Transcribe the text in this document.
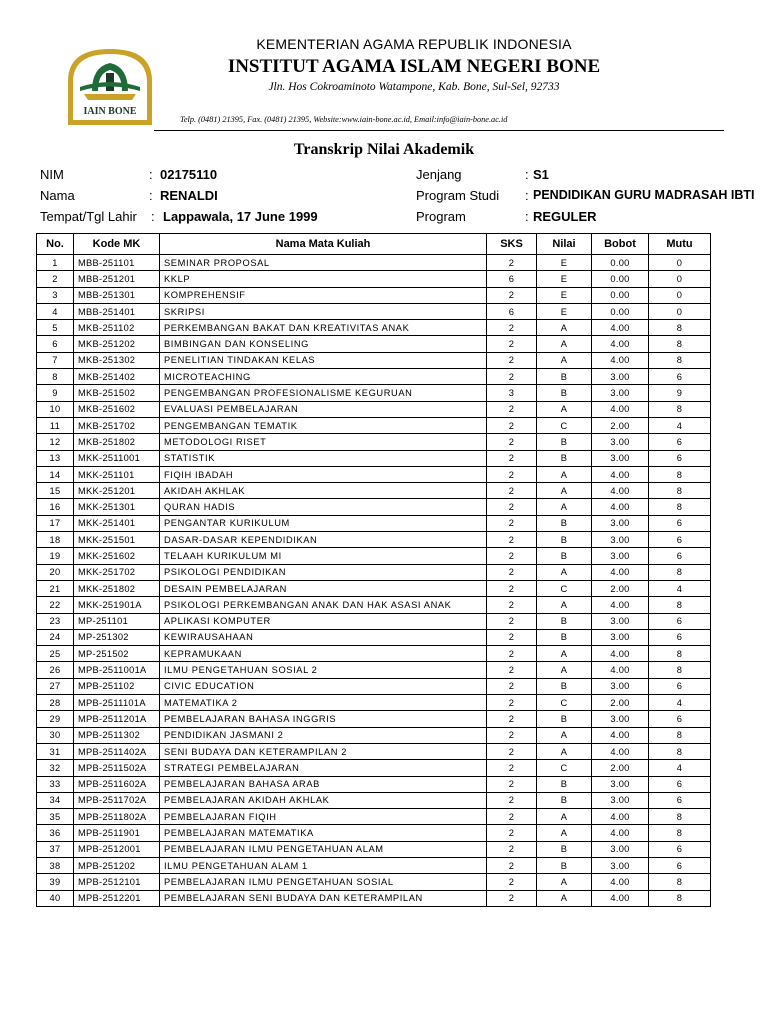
IAIN BONE
KEMENTERIAN AGAMA REPUBLIK INDONESIA
INSTITUT AGAMA ISLAM NEGERI BONE
Jln. Hos Cokroaminoto Watampone, Kab. Bone, Sul-Sel, 92733
Telp. (0481) 21395, Fax. (0481) 21395, Website:www.iain-bone.ac.id, Email:info@iain-bone.ac.id
Transkrip Nilai Akademik
NIM	: 02175110
Nama	: RENALDI
Tempat/Tgl Lahir : Lappawala, 17 June 1999
Jenjang	: S1
Program Studi : PENDIDIKAN GURU MADRASAH IBTI
Program	: REGULER
No.	Kode MK	Nama Mata Kuliah	SKS	Nilai	Bobot	Mutu
1	MBB-251101	SEMINAR PROPOSAL	2	E	0.00	0
2	MBB-251201	KKLP	6	E	0.00	0
3	MBB-251301	KOMPREHENSIF	2	E	0.00	0
4	MBB-251401	SKRIPSI	6	E	0.00	0
5	MKB-251102	PERKEMBANGAN BAKAT DAN KREATIVITAS ANAK	2	A	4.00	8
6	MKB-251202	BIMBINGAN DAN KONSELING	2	A	4.00	8
7	MKB-251302	PENELITIAN TINDAKAN KELAS	2	A	4.00	8
8	MKB-251402	MICROTEACHING	2	B	3.00	6
9	MKB-251502	PENGEMBANGAN PROFESIONALISME KEGURUAN	3	B	3.00	9
10	MKB-251602	EVALUASI PEMBELAJARAN	2	A	4.00	8
11	MKB-251702	PENGEMBANGAN TEMATIK	2	C	2.00	4
12	MKB-251802	METODOLOGI RISET	2	B	3.00	6
13	MKK-2511001	STATISTIK	2	B	3.00	6
14	MKK-251101	FIQIH IBADAH	2	A	4.00	8
15	MKK-251201	AKIDAH AKHLAK	2	A	4.00	8
16	MKK-251301	QURAN HADIS	2	A	4.00	8
17	MKK-251401	PENGANTAR KURIKULUM	2	B	3.00	6
18	MKK-251501	DASAR-DASAR KEPENDIDIKAN	2	B	3.00	6
19	MKK-251602	TELAAH KURIKULUM MI	2	B	3.00	6
20	MKK-251702	PSIKOLOGI PENDIDIKAN	2	A	4.00	8
21	MKK-251802	DESAIN PEMBELAJARAN	2	C	2.00	4
22	MKK-251901A	PSIKOLOGI PERKEMBANGAN ANAK DAN HAK ASASI ANAK	2	A	4.00	8
23	MP-251101	APLIKASI KOMPUTER	2	B	3.00	6
24	MP-251302	KEWIRAUSAHAAN	2	B	3.00	6
25	MP-251502	KEPRAMUKAAN	2	A	4.00	8
26	MPB-2511001A	ILMU PENGETAHUAN SOSIAL 2	2	A	4.00	8
27	MPB-251102	CIVIC EDUCATION	2	B	3.00	6
28	MPB-2511101A	MATEMATIKA 2	2	C	2.00	4
29	MPB-2511201A	PEMBELAJARAN BAHASA INGGRIS	2	B	3.00	6
30	MPB-2511302	PENDIDIKAN JASMANI 2	2	A	4.00	8
31	MPB-2511402A	SENI BUDAYA DAN KETERAMPILAN 2	2	A	4.00	8
32	MPB-2511502A	STRATEGI PEMBELAJARAN	2	C	2.00	4
33	MPB-2511602A	PEMBELAJARAN BAHASA ARAB	2	B	3.00	6
34	MPB-2511702A	PEMBELAJARAN AKIDAH AKHLAK	2	B	3.00	6
35	MPB-2511802A	PEMBELAJARAN FIQIH	2	A	4.00	8
36	MPB-2511901	PEMBELAJARAN MATEMATIKA	2	A	4.00	8
37	MPB-2512001	PEMBELAJARAN ILMU PENGETAHUAN ALAM	2	B	3.00	6
38	MPB-251202	ILMU PENGETAHUAN ALAM 1	2	B	3.00	6
39	MPB-2512101	PEMBELAJARAN ILMU PENGETAHUAN SOSIAL	2	A	4.00	8
40	MPB-2512201	PEMBELAJARAN SENI BUDAYA DAN KETERAMPILAN	2	A	4.00	8
